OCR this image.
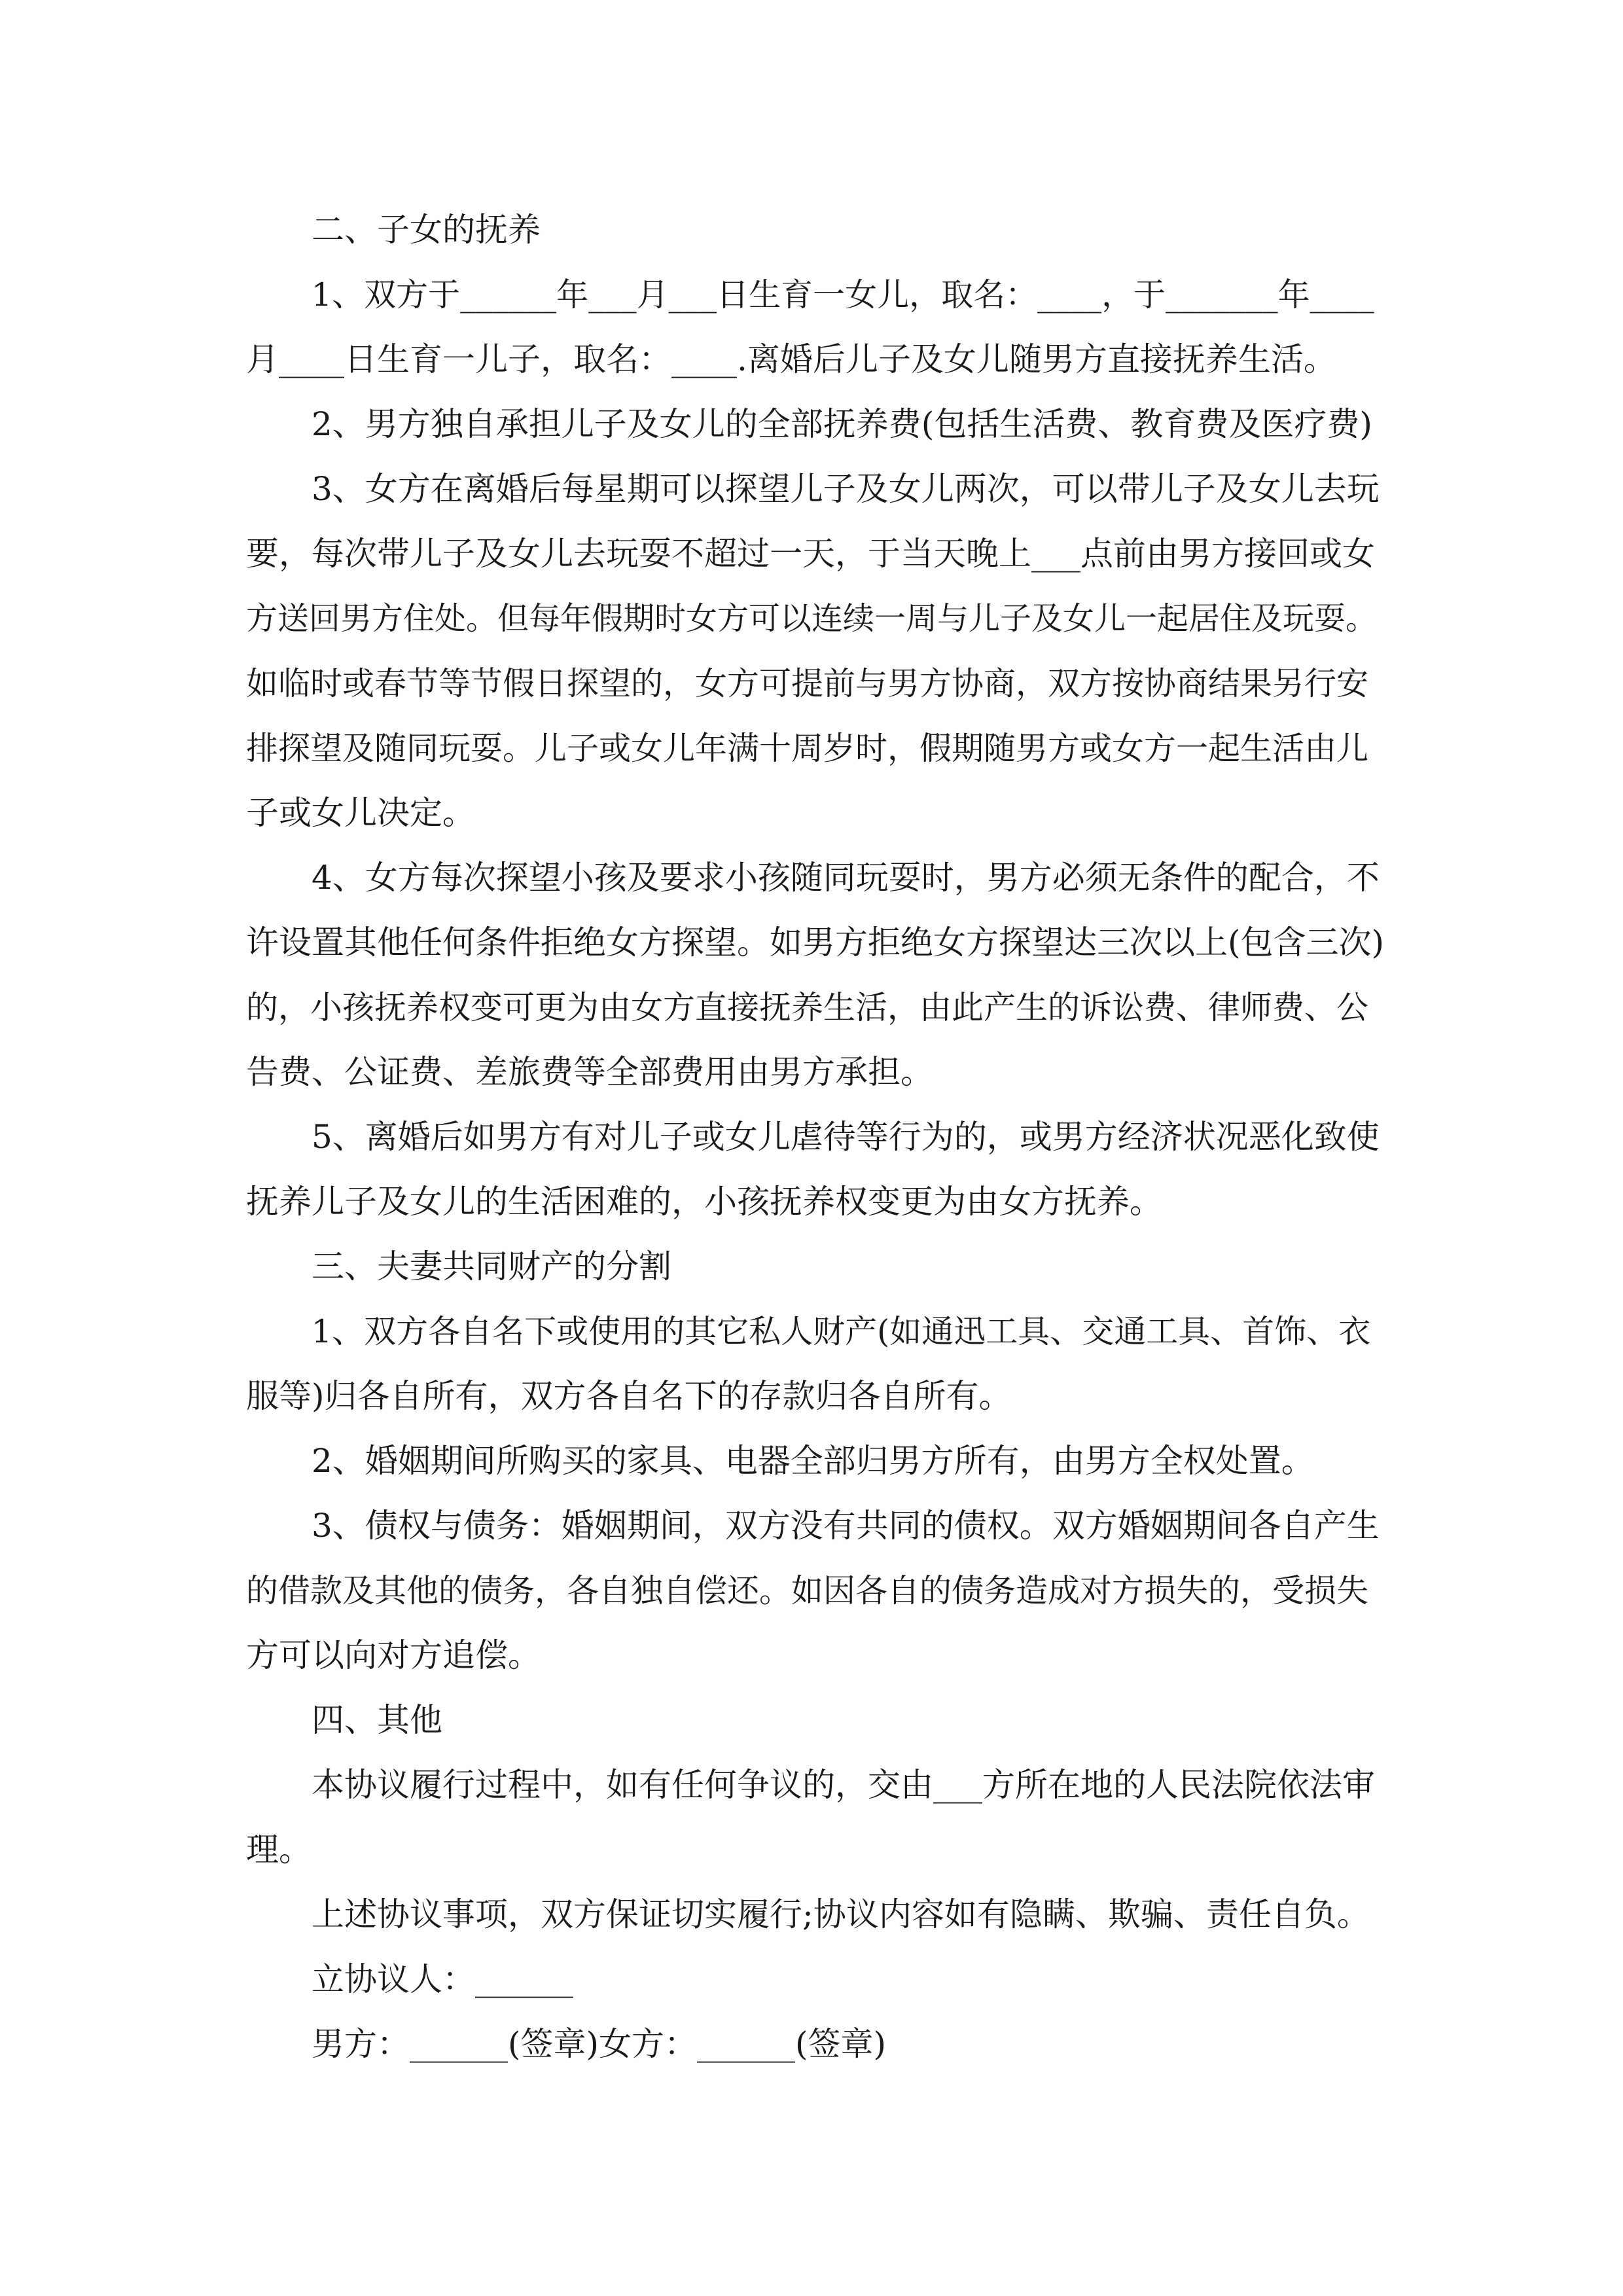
二、子女的抚养

1、双方于______年___月___日生育一女儿，取名：____，于_______年____

月____日生育一儿子，取名：____.离婚后儿子及女儿随男方直接抚养生活。

2、男方独自承担儿子及女儿的全部抚养费(包括生活费、教育费及医疗费)

3、女方在离婚后每星期可以探望儿子及女儿两次，可以带儿子及女儿去玩

要，每次带儿子及女儿去玩耍不超过一天，于当天晚上___点前由男方接回或女

方送回男方住处。但每年假期时女方可以连续一周与儿子及女儿一起居住及玩耍。

如临时或春节等节假日探望的，女方可提前与男方协商，双方按协商结果另行安

排探望及随同玩耍。儿子或女儿年满十周岁时，假期随男方或女方一起生活由儿

子或女儿决定。

4、女方每次探望小孩及要求小孩随同玩耍时，男方必须无条件的配合，不

许设置其他任何条件拒绝女方探望。如男方拒绝女方探望达三次以上(包含三次)

的，小孩抚养权变可更为由女方直接抚养生活，由此产生的诉讼费、律师费、公

告费、公证费、差旅费等全部费用由男方承担。

5、离婚后如男方有对儿子或女儿虐待等行为的，或男方经济状况恶化致使

抚养儿子及女儿的生活困难的，小孩抚养权变更为由女方抚养。

三、夫妻共同财产的分割

1、双方各自名下或使用的其它私人财产(如通迅工具、交通工具、首饰、衣

服等)归各自所有，双方各自名下的存款归各自所有。

2、婚姻期间所购买的家具、电器全部归男方所有，由男方全权处置。

3、债权与债务：婚姻期间，双方没有共同的债权。双方婚姻期间各自产生

的借款及其他的债务，各自独自偿还。如因各自的债务造成对方损失的，受损失

方可以向对方追偿。

四、其他

本协议履行过程中，如有任何争议的，交由___方所在地的人民法院依法审

理。

上述协议事项，双方保证切实履行;协议内容如有隐瞒、欺骗、责任自负。

立协议人：______

男方：______(签章)女方：______(签章)
